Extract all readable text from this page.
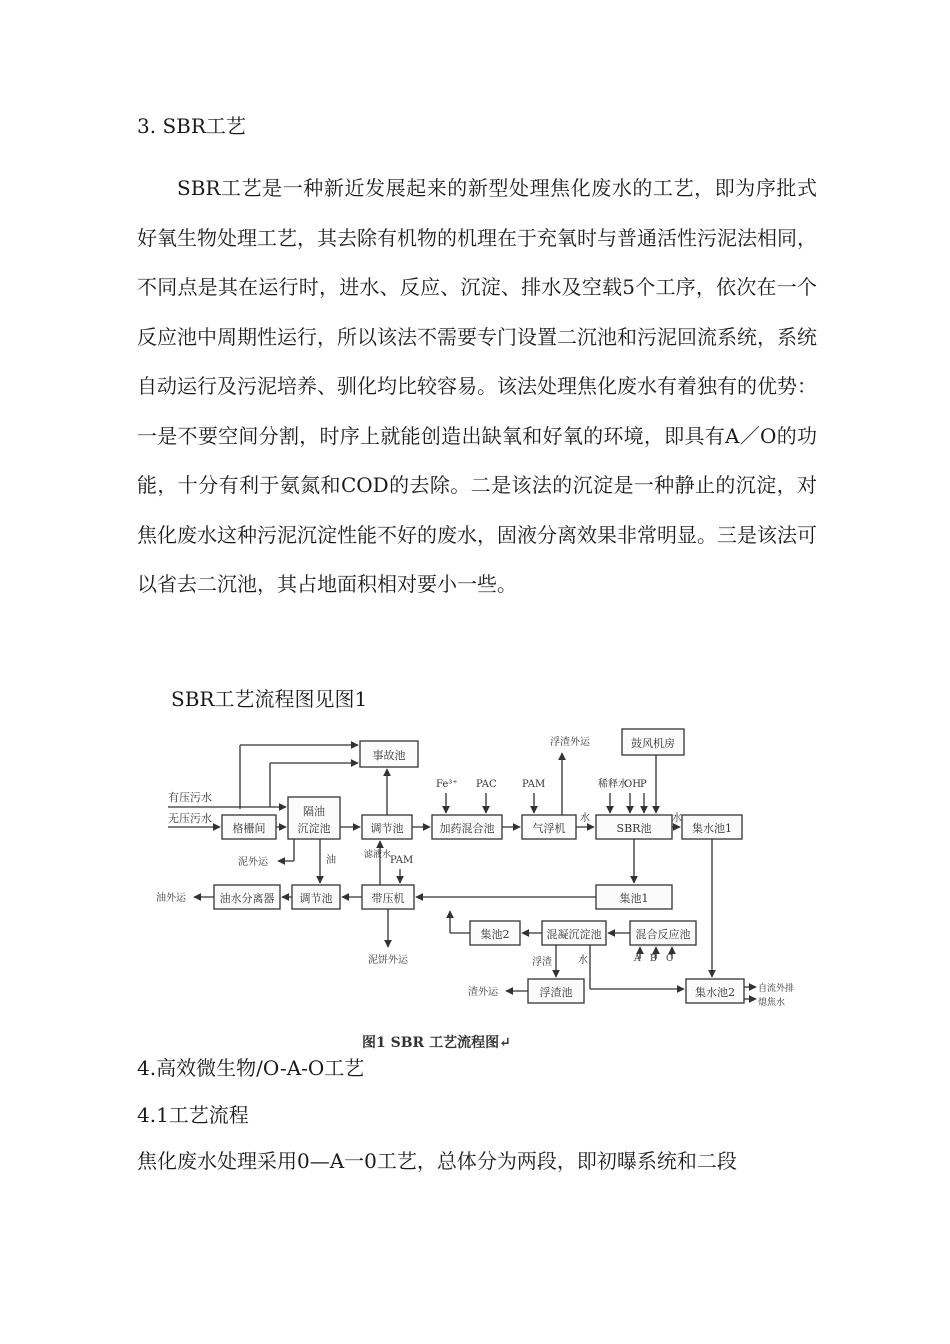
3. SBR工艺

SBR工艺是一种新近发展起来的新型处理焦化废水的工艺，即为序批式好氧生物处理工艺，其去除有机物的机理在于充氧时与普通活性污泥法相同，不同点是其在运行时，进水、反应、沉淀、排水及空载5个工序，依次在一个反应池中周期性运行，所以该法不需要专门设置二沉池和污泥回流系统，系统自动运行及污泥培养、驯化均比较容易。该法处理焦化废水有着独有的优势：一是不要空间分割，时序上就能创造出缺氧和好氧的环境，即具有A／O的功能，十分有利于氨氮和COD的去除。二是该法的沉淀是一种静止的沉淀，对焦化废水这种污泥沉淀性能不好的废水，固液分离效果非常明显。三是该法可以省去二沉池，其占地面积相对要小一些。

SBR工艺流程图见图1
有压污水
无压污水
事故池
格栅间
隔油
沉淀池	调节池	加药混合池	气浮机	SBR池	集水池1
鼓风机房
油水分离器 调节池	带压机	集池1
集池2	混凝沉淀池	混合反应池
浮渣池	集水池2
Fe³⁺ PAC	PAM
浮渣外运
稀释水
OH P
水	水
泥外运	油
油外运
滤液水
PAM
泥饼外运	A B C
浮渣	水
渣外运	自流外排
熄焦水
图1 SBR 工艺流程图↵
4.高效微生物/O-A-O工艺
4.1工艺流程
焦化废水处理采用0—A一0工艺，总体分为两段，即初曝系统和二段
